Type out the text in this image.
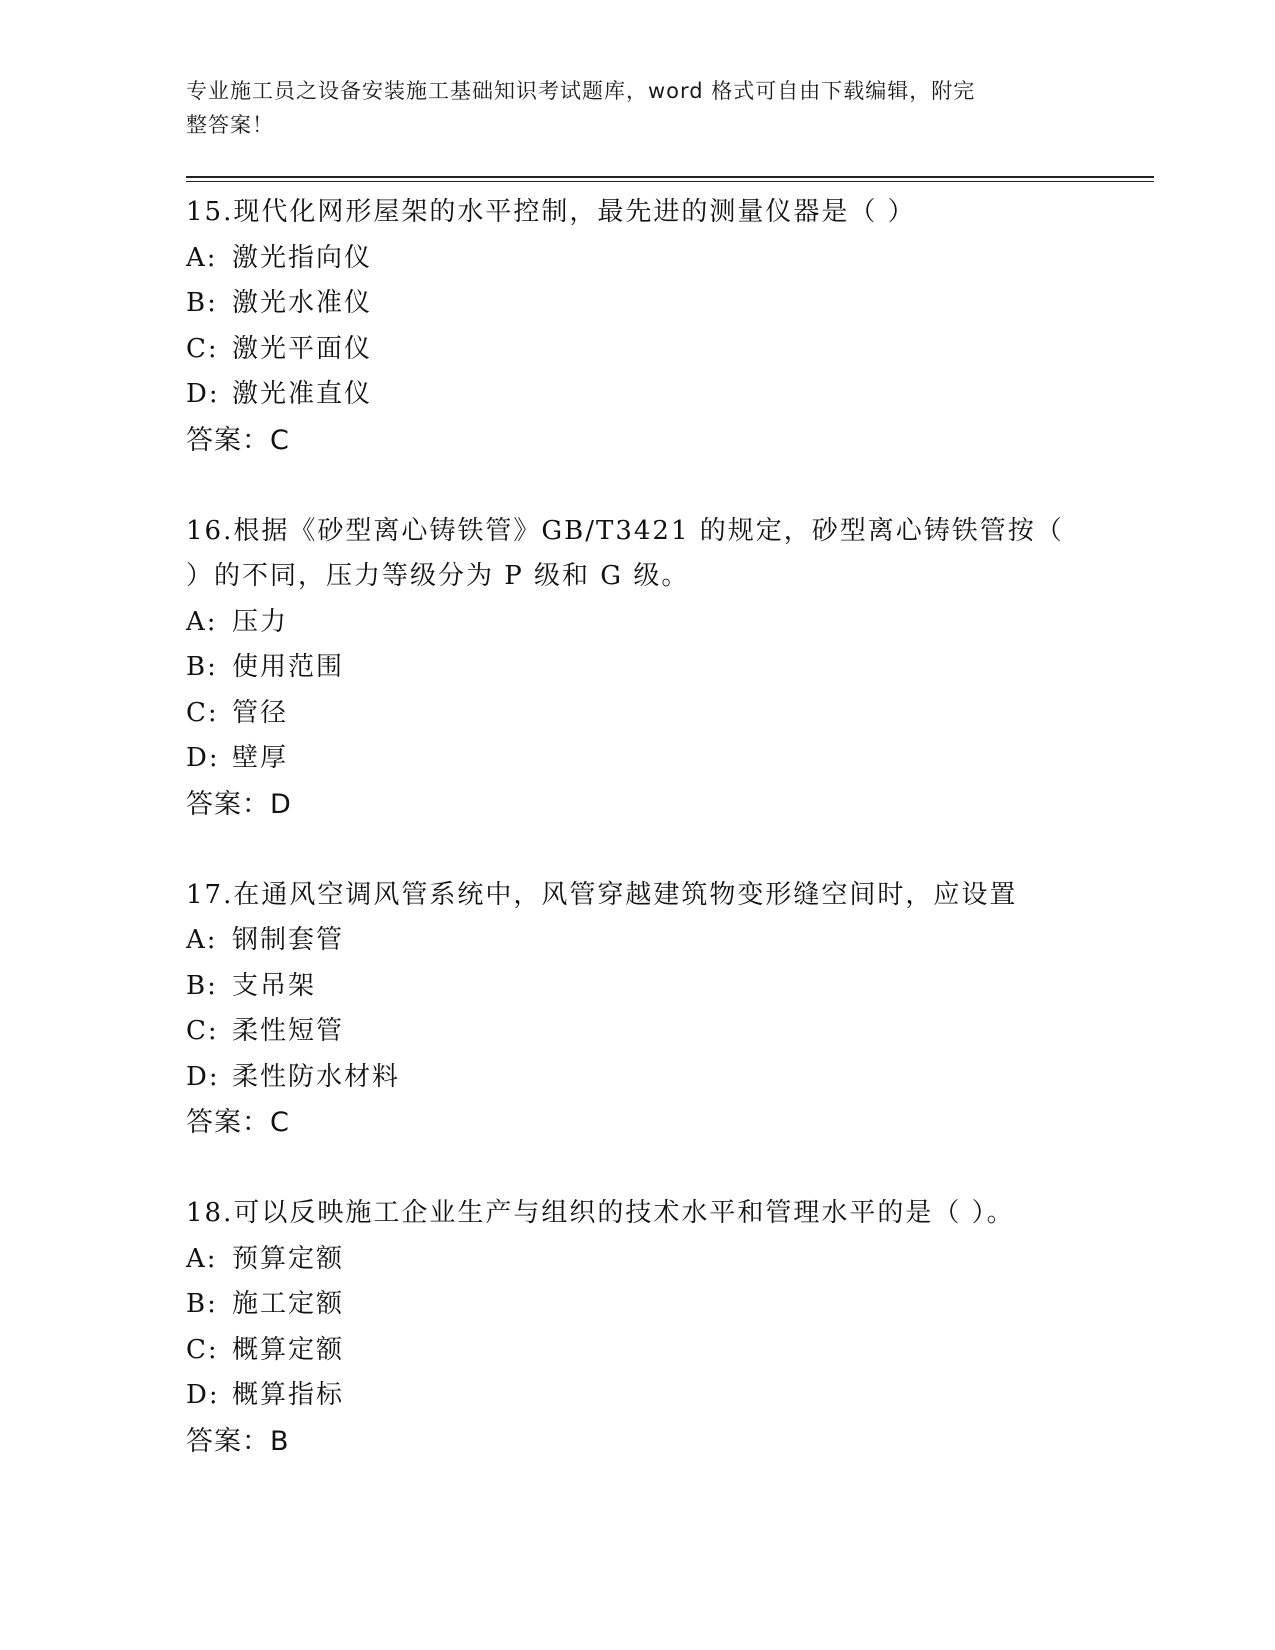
专业施工员之设备安装施工基础知识考试题库，word 格式可自由下载编辑，附完
整答案！
15.现代化网形屋架的水平控制，最先进的测量仪器是（ ）
A: 激光指向仪
B: 激光水准仪
C: 激光平面仪
D: 激光准直仪
答案：C
16.根据《砂型离心铸铁管》GB/T3421 的规定，砂型离心铸铁管按（
）的不同，压力等级分为 P 级和 G 级。
A: 压力
B: 使用范围
C: 管径
D: 壁厚
答案：D
17.在通风空调风管系统中，风管穿越建筑物变形缝空间时，应设置
A: 钢制套管
B: 支吊架
C: 柔性短管
D: 柔性防水材料
答案：C
18.可以反映施工企业生产与组织的技术水平和管理水平的是（ ）。
A: 预算定额
B: 施工定额
C: 概算定额
D: 概算指标
答案：B
